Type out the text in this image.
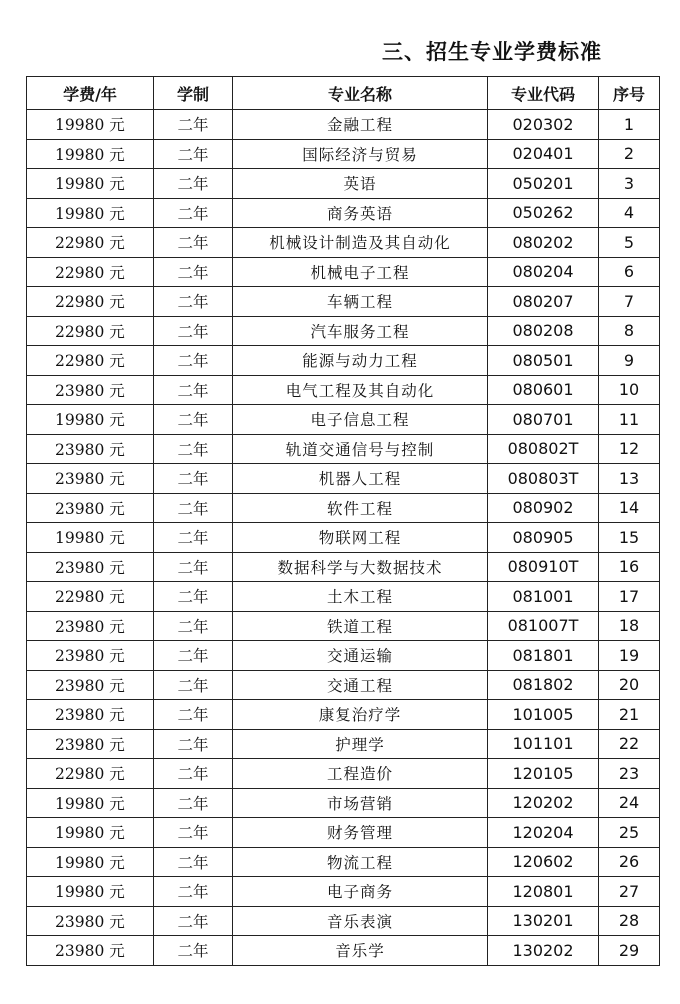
三、招生专业学费标准
学费/年	学制	专业名称	专业代码	序号
19980 元	二年	金融工程	020302	1
19980 元	二年	国际经济与贸易	020401	2
19980 元	二年	英语	050201	3
19980 元	二年	商务英语	050262	4
22980 元	二年	机械设计制造及其自动化	080202	5
22980 元	二年	机械电子工程	080204	6
22980 元	二年	车辆工程	080207	7
22980 元	二年	汽车服务工程	080208	8
22980 元	二年	能源与动力工程	080501	9
23980 元	二年	电气工程及其自动化	080601	10
19980 元	二年	电子信息工程	080701	11
23980 元	二年	轨道交通信号与控制	080802T	12
23980 元	二年	机器人工程	080803T	13
23980 元	二年	软件工程	080902	14
19980 元	二年	物联网工程	080905	15
23980 元	二年	数据科学与大数据技术	080910T	16
22980 元	二年	土木工程	081001	17
23980 元	二年	铁道工程	081007T	18
23980 元	二年	交通运输	081801	19
23980 元	二年	交通工程	081802	20
23980 元	二年	康复治疗学	101005	21
23980 元	二年	护理学	101101	22
22980 元	二年	工程造价	120105	23
19980 元	二年	市场营销	120202	24
19980 元	二年	财务管理	120204	25
19980 元	二年	物流工程	120602	26
19980 元	二年	电子商务	120801	27
23980 元	二年	音乐表演	130201	28
23980 元	二年	音乐学	130202	29
